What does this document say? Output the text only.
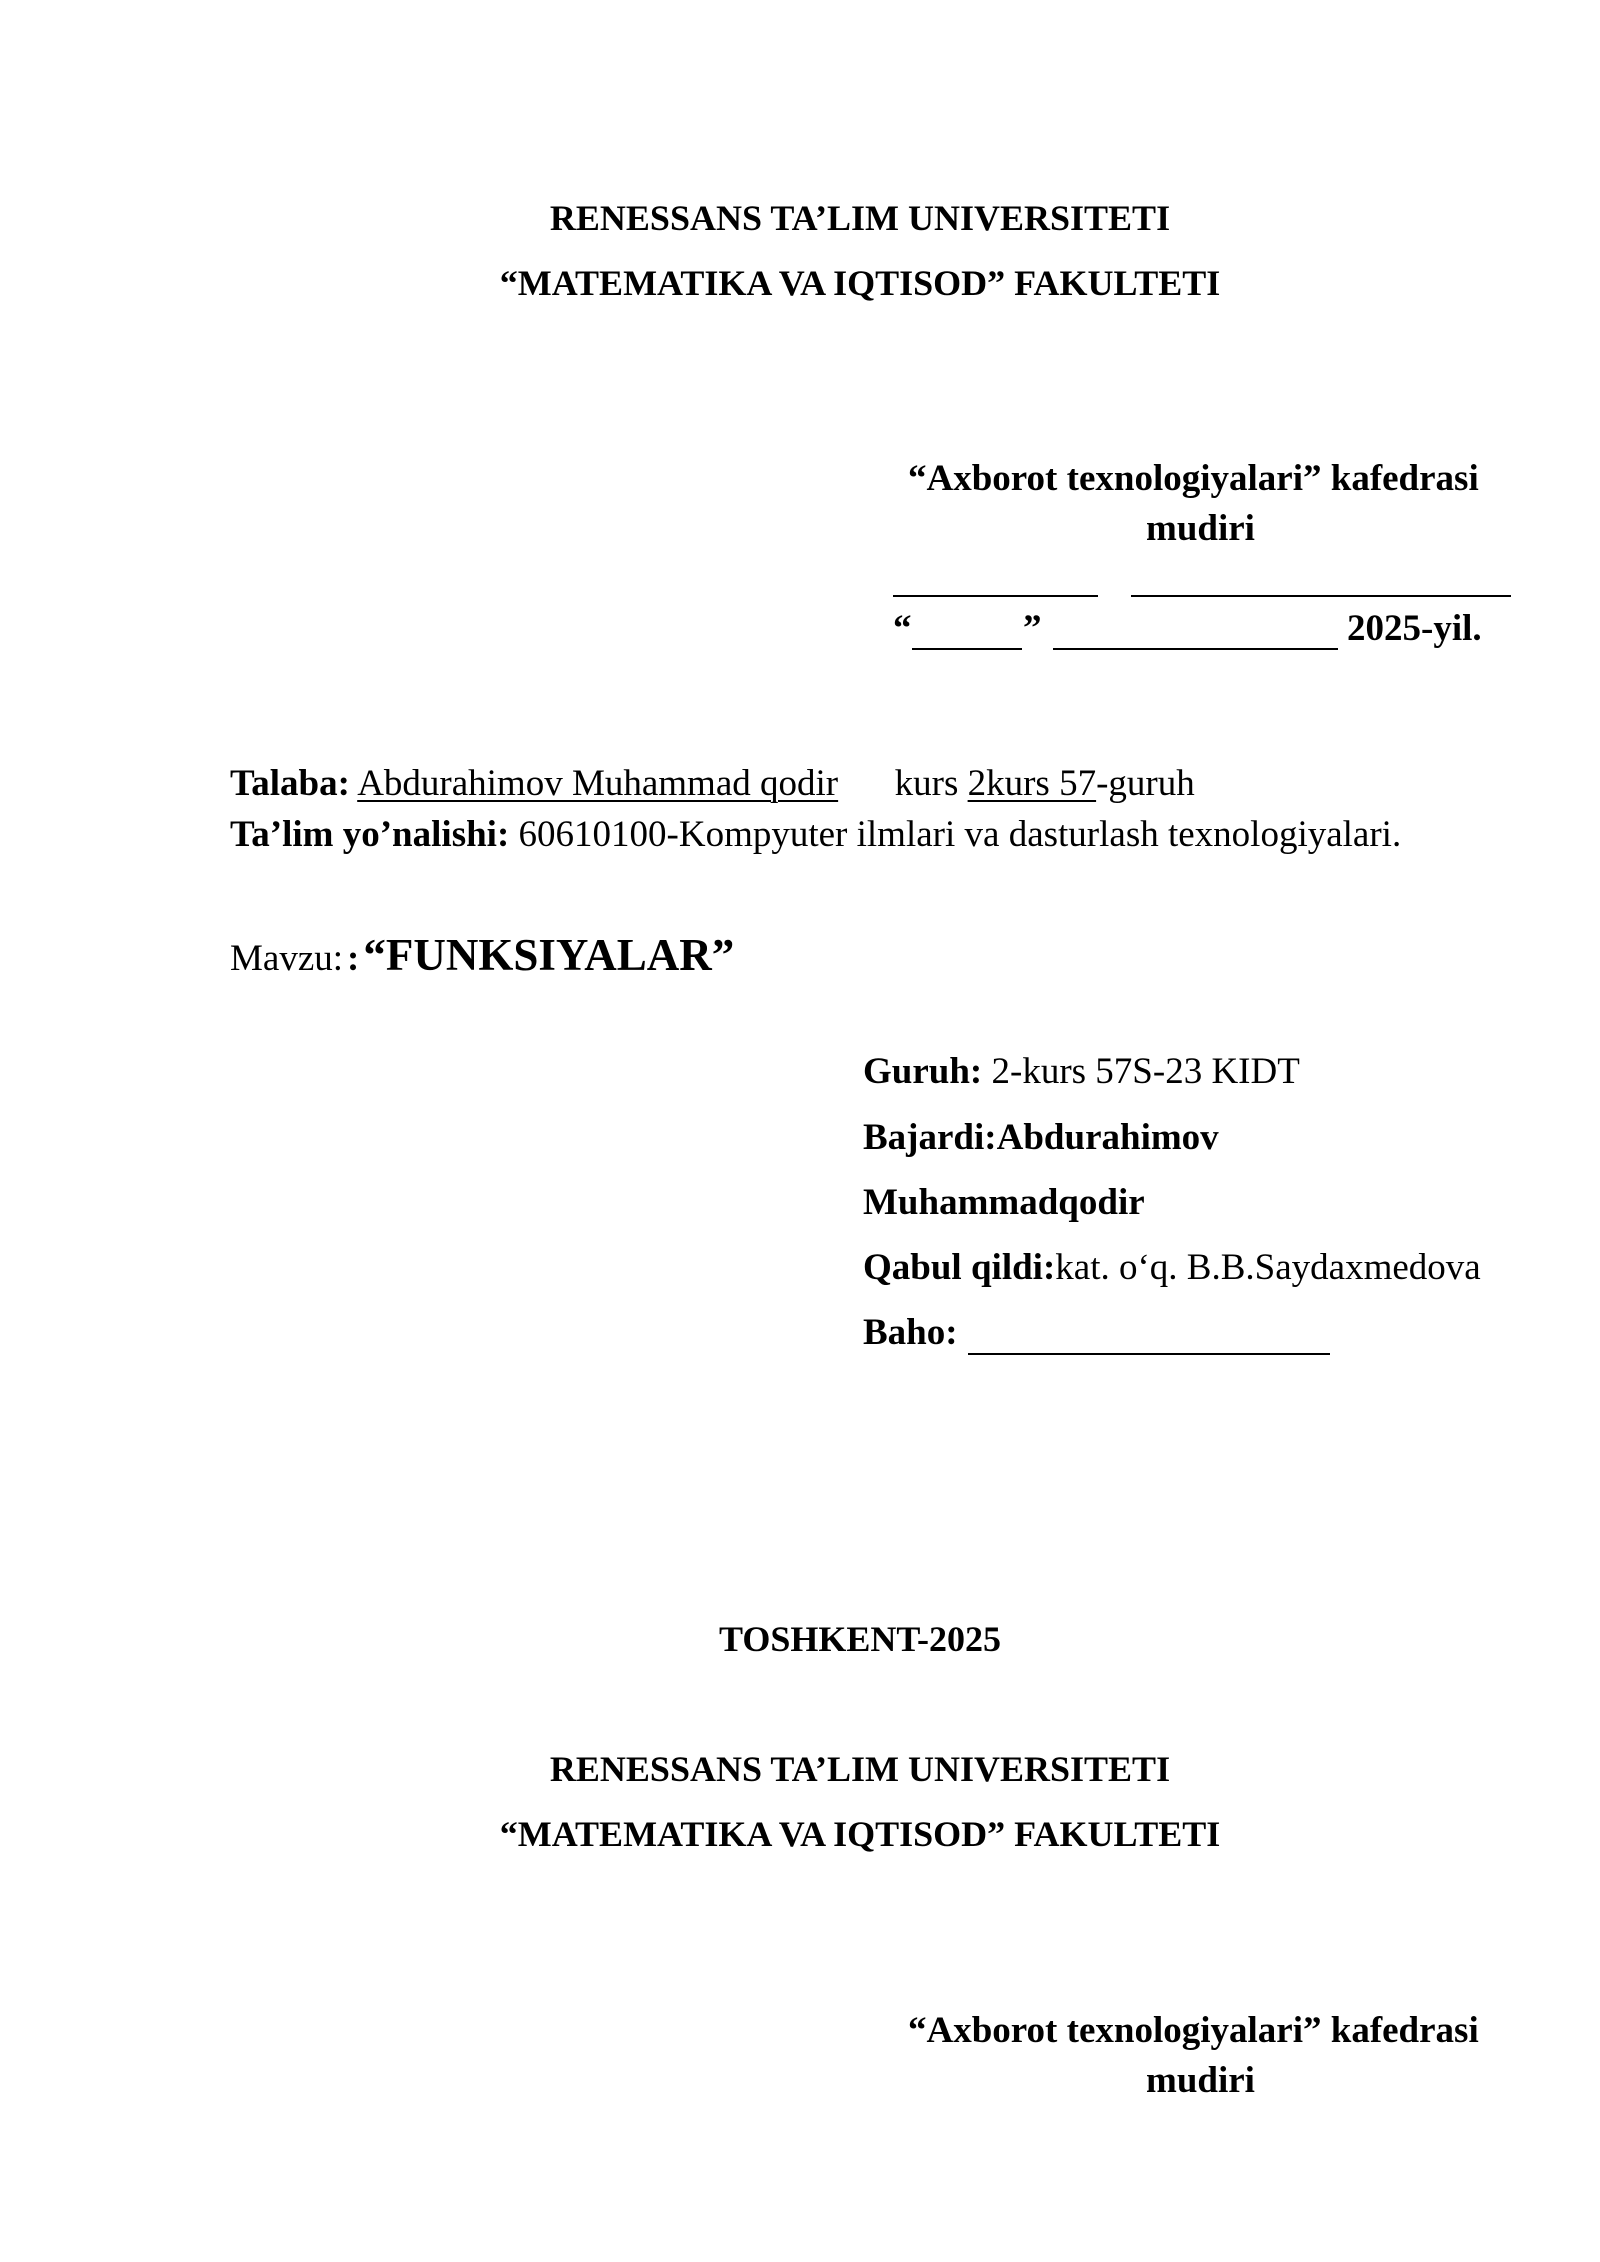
RENESSANS TA’LIM UNIVERSITETI
“MATEMATIKA VA IQTISOD” FAKULTETI
“Axborot texnologiyalari” kafedrasi
mudiri
“	”	2025-yil.
Talaba: Abdurahimov Muhammad qodir kurs 2kurs 57-guruh
Ta’lim yo’nalishi: 60610100-Kompyuter ilmlari va dasturlash texnologiyalari.
Mavzu: : “FUNKSIYALAR”
Guruh: 2-kurs 57S-23 KIDT
Bajardi:Abdurahimov
Muhammadqodir
Qabul qildi:kat. o‘q. B.B.Saydaxmedova
Baho:
TOSHKENT-2025
RENESSANS TA’LIM UNIVERSITETI
“MATEMATIKA VA IQTISOD” FAKULTETI
“Axborot texnologiyalari” kafedrasi
mudiri
